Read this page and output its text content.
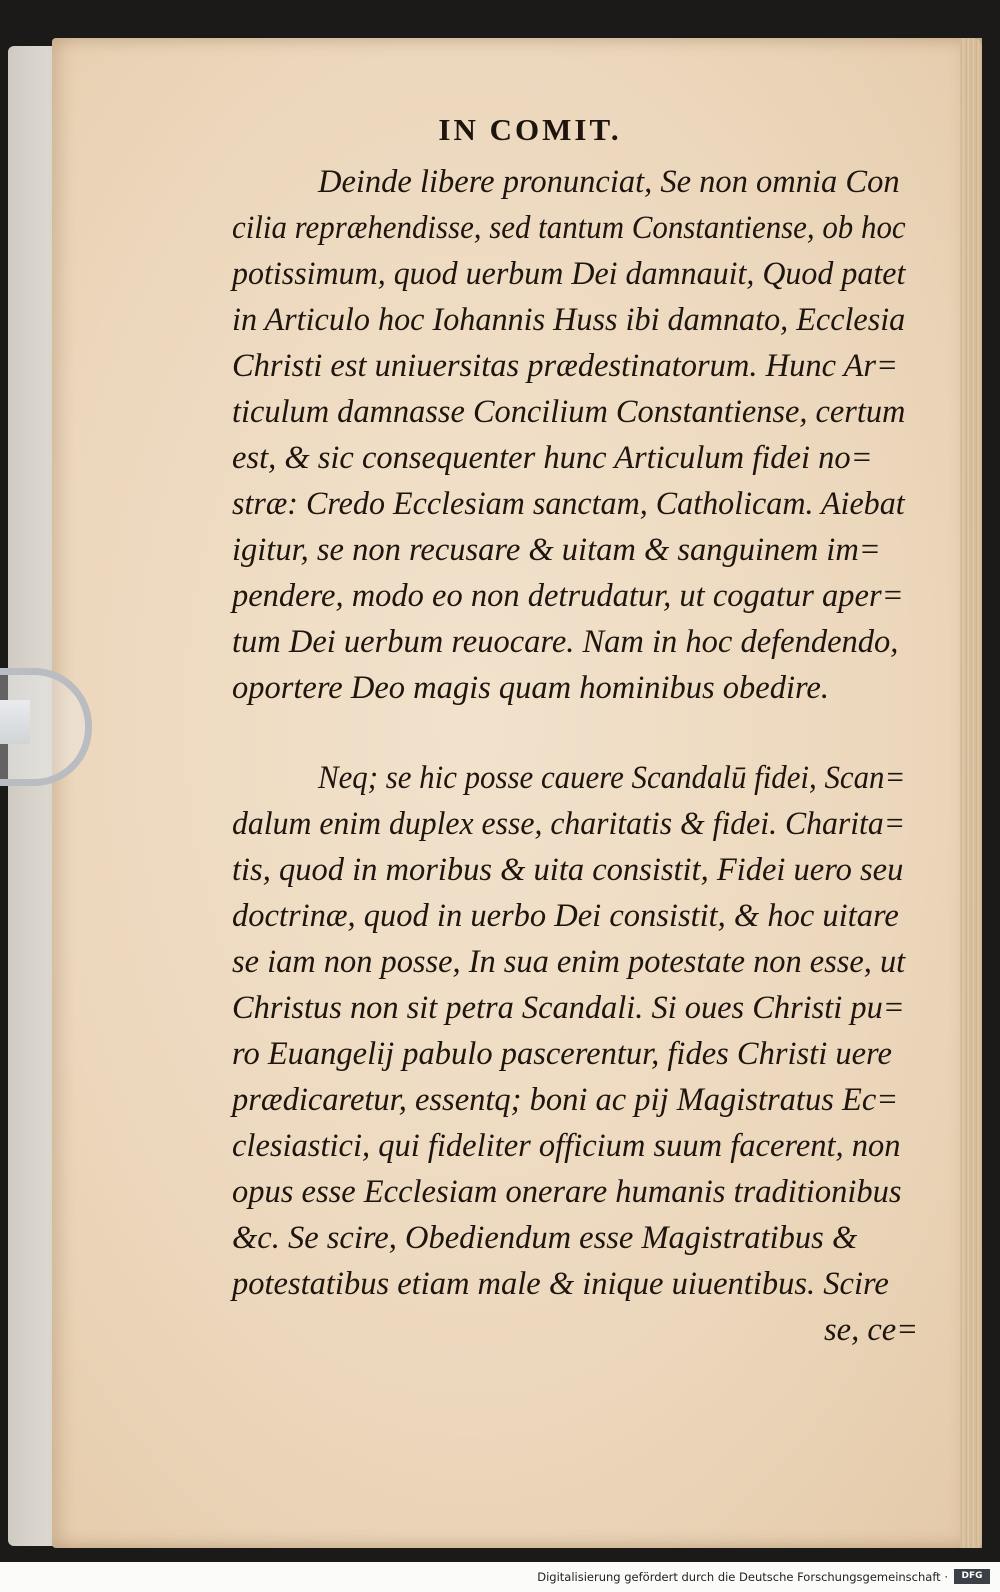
IN COMIT.
Deinde libere pronunciat, Se non omnia Con
cilia repræhendisse, sed tantum Constantiense, ob hoc
potissimum, quod uerbum Dei damnauit, Quod patet
in Articulo hoc Iohannis Huss ibi damnato, Ecclesia
Christi est uniuersitas prædestinatorum. Hunc Ar=
ticulum damnasse Concilium Constantiense, certum
est, & sic consequenter hunc Articulum fidei no=
stræ: Credo Ecclesiam sanctam, Catholicam. Aiebat
igitur, se non recusare & uitam & sanguinem im=
pendere, modo eo non detrudatur, ut cogatur aper=
tum Dei uerbum reuocare. Nam in hoc defendendo,
oportere Deo magis quam hominibus obedire.
Neq; se hic posse cauere Scandalū fidei, Scan=
dalum enim duplex esse, charitatis & fidei. Charita=
tis, quod in moribus & uita consistit, Fidei uero seu
doctrinæ, quod in uerbo Dei consistit, & hoc uitare
se iam non posse, In sua enim potestate non esse, ut
Christus non sit petra Scandali. Si oues Christi pu=
ro Euangelij pabulo pascerentur, fides Christi uere
prædicaretur, essentq; boni ac pij Magistratus Ec=
clesiastici, qui fideliter officium suum facerent, non
opus esse Ecclesiam onerare humanis traditionibus
&c. Se scire, Obediendum esse Magistratibus &
potestatibus etiam male & inique uiuentibus. Scire
se, ce=
Digitalisierung gefördert durch die Deutsche Forschungsgemeinschaft ·	DFG
